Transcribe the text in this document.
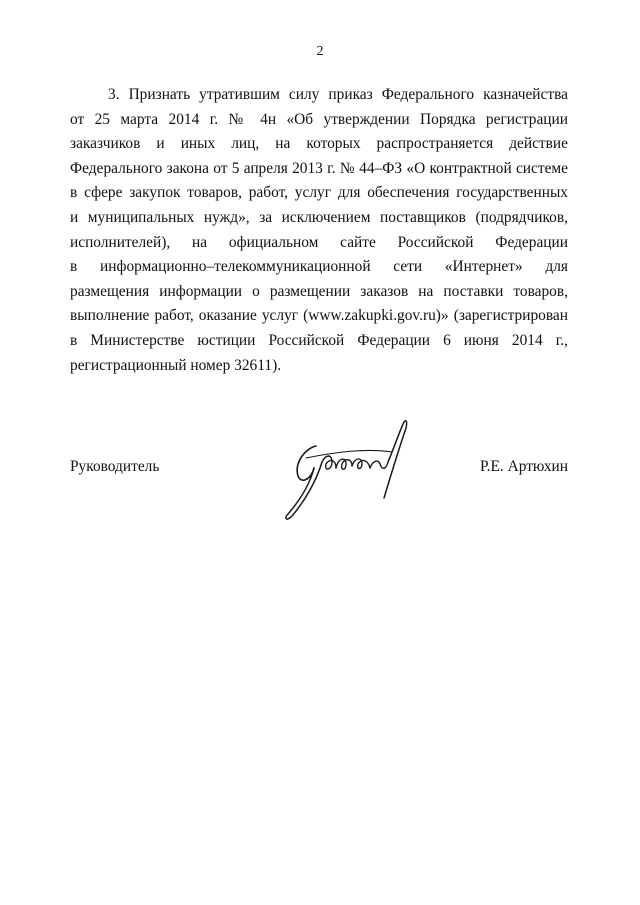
2

3. Признать утратившим силу приказ Федерального казначейства
от 25 марта 2014 г. № 4н «Об утверждении Порядка регистрации
заказчиков и иных лиц, на которых распространяется действие
Федерального закона от 5 апреля 2013 г. № 44–ФЗ «О контрактной системе
в сфере закупок товаров, работ, услуг для обеспечения государственных
и муниципальных нужд», за исключением поставщиков (подрядчиков,
исполнителей), на официальном сайте Российской Федерации
в информационно–телекоммуникационной сети «Интернет» для
размещения информации о размещении заказов на поставки товаров,
выполнение работ, оказание услуг (www.zakupki.gov.ru)» (зарегистрирован
в Министерстве юстиции Российской Федерации 6 июня 2014 г.,
регистрационный номер 32611).

Руководитель	Р.Е. Артюхин
